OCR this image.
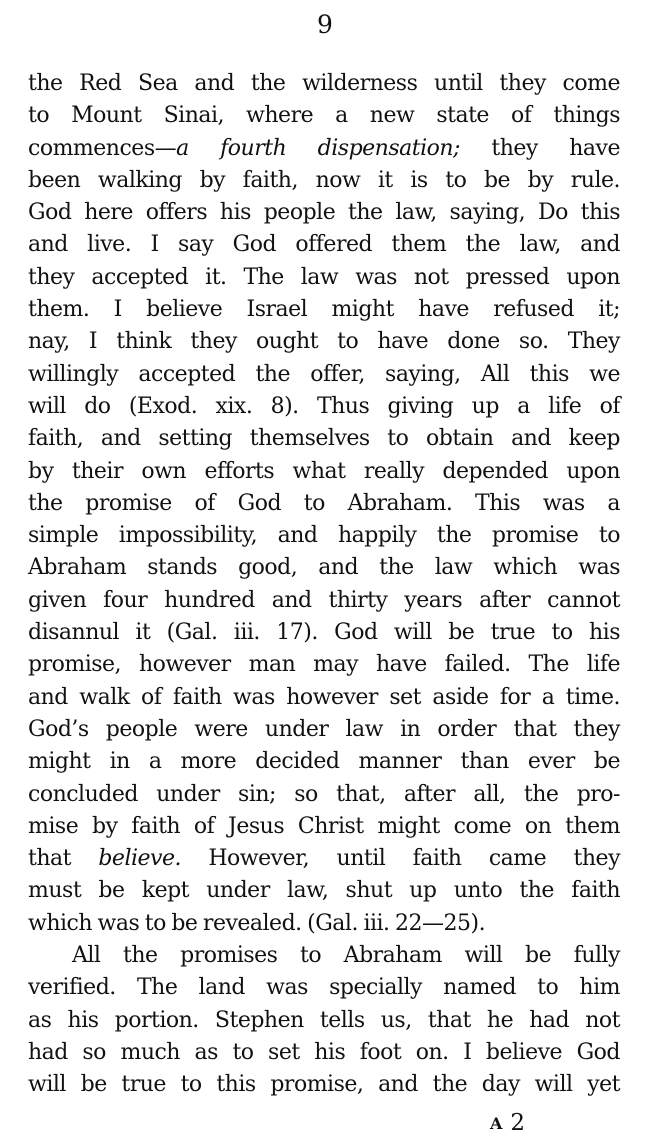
9
the Red Sea and the wilderness until they come
to Mount Sinai, where a new state of things
commences—a fourth dispensation; they have
been walking by faith, now it is to be by rule.
God here offers his people the law, saying, Do this
and live. I say God offered them the law, and
they accepted it. The law was not pressed upon
them. I believe Israel might have refused it;
nay, I think they ought to have done so. They
willingly accepted the offer, saying, All this we
will do (Exod. xix. 8). Thus giving up a life of
faith, and setting themselves to obtain and keep
by their own efforts what really depended upon
the promise of God to Abraham. This was a
simple impossibility, and happily the promise to
Abraham stands good, and the law which was
given four hundred and thirty years after cannot
disannul it (Gal. iii. 17). God will be true to his
promise, however man may have failed. The life
and walk of faith was however set aside for a time.
God’s people were under law in order that they
might in a more decided manner than ever be
concluded under sin; so that, after all, the pro-
mise by faith of Jesus Christ might come on them
that believe. However, until faith came they
must be kept under law, shut up unto the faith
which was to be revealed. (Gal. iii. 22—25).
All the promises to Abraham will be fully
verified. The land was specially named to him
as his portion. Stephen tells us, that he had not
had so much as to set his foot on. I believe God
will be true to this promise, and the day will yet
A 2
